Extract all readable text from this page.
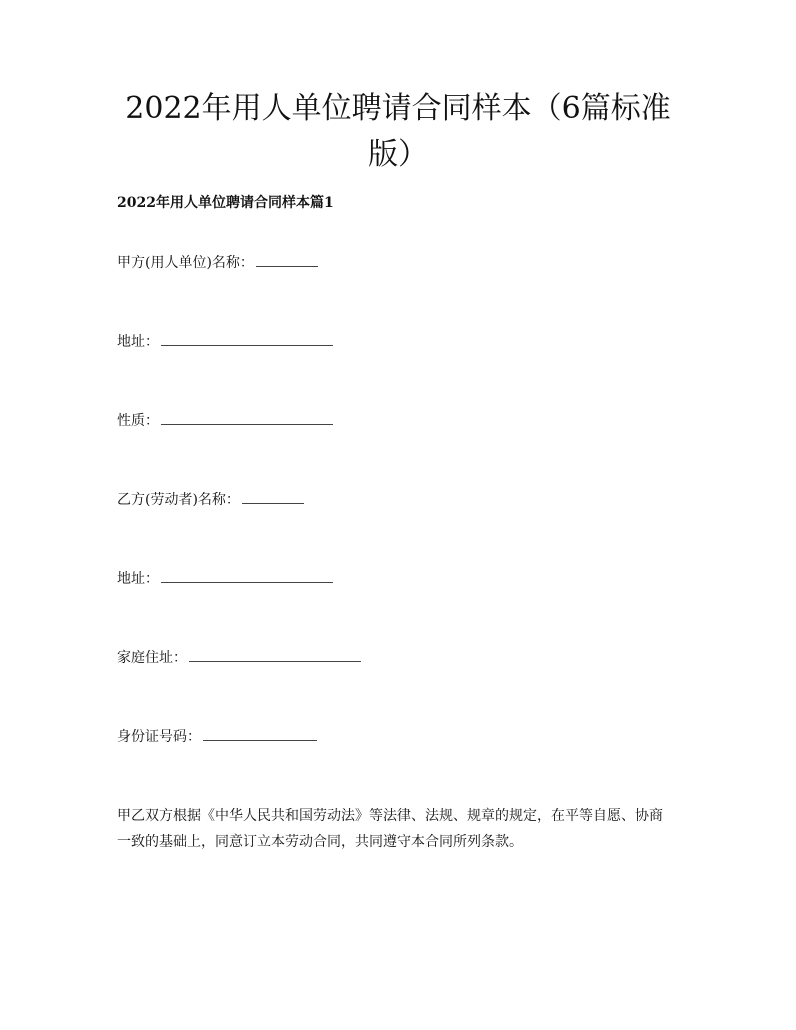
2022年用人单位聘请合同样本（6篇标准版）
2022年用人单位聘请合同样本篇1
甲方(用人单位)名称：
地址：
性质：
乙方(劳动者)名称：
地址：
家庭住址：
身份证号码：

甲乙双方根据《中华人民共和国劳动法》等法律、法规、规章的规定，在平等自愿、协商一致的基础上，同意订立本劳动合同，共同遵守本合同所列条款。
